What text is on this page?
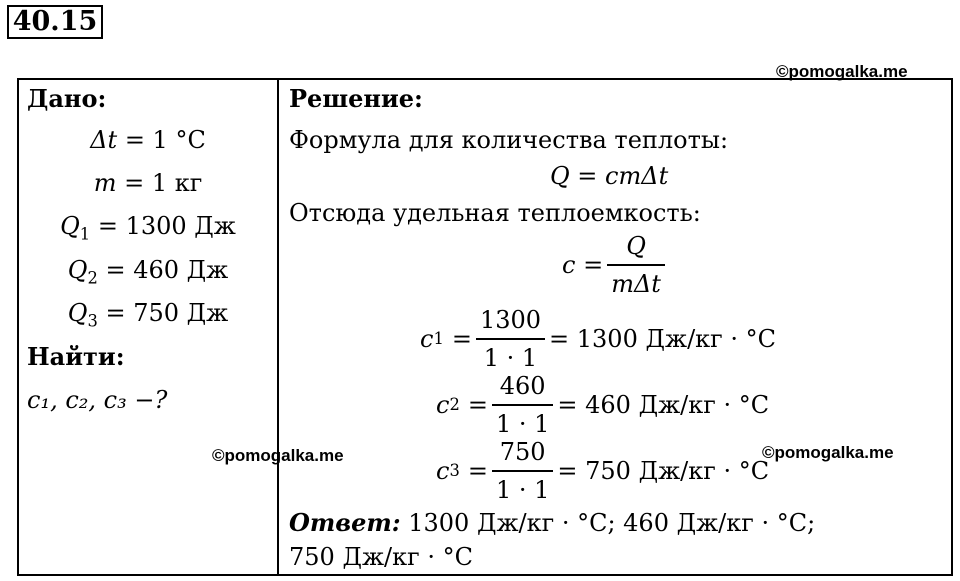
40.15
©pomogalka.me
Дано:
Δt = 1 °C
m = 1 кг
$Q_1 = 1300$ Дж
$Q_2 = 460$ Дж
$Q_3 = 750$ Дж
Найти:
c₁, c₂, c₃ −?
©pomogalka.me
Решение:
Формула для количества теплоты:
Q = cmΔt
Отсюда удельная теплоемкость:
$c = \frac{Q}{\text{mΔt}}$
c $1 = \frac{1300}{1 \cdot 1} = 1300$ Дж/кг · °C
c $2 = \frac{460}{1 \cdot 1} = 460$ Дж/кг · °C
c $3 = \frac{750}{1 \cdot 1} = 750$ Дж/кг · °C
©pomogalka.me
Ответ: 1300 Дж/кг · °C; 460 Дж/кг · °C;
750 Дж/кг · °C
